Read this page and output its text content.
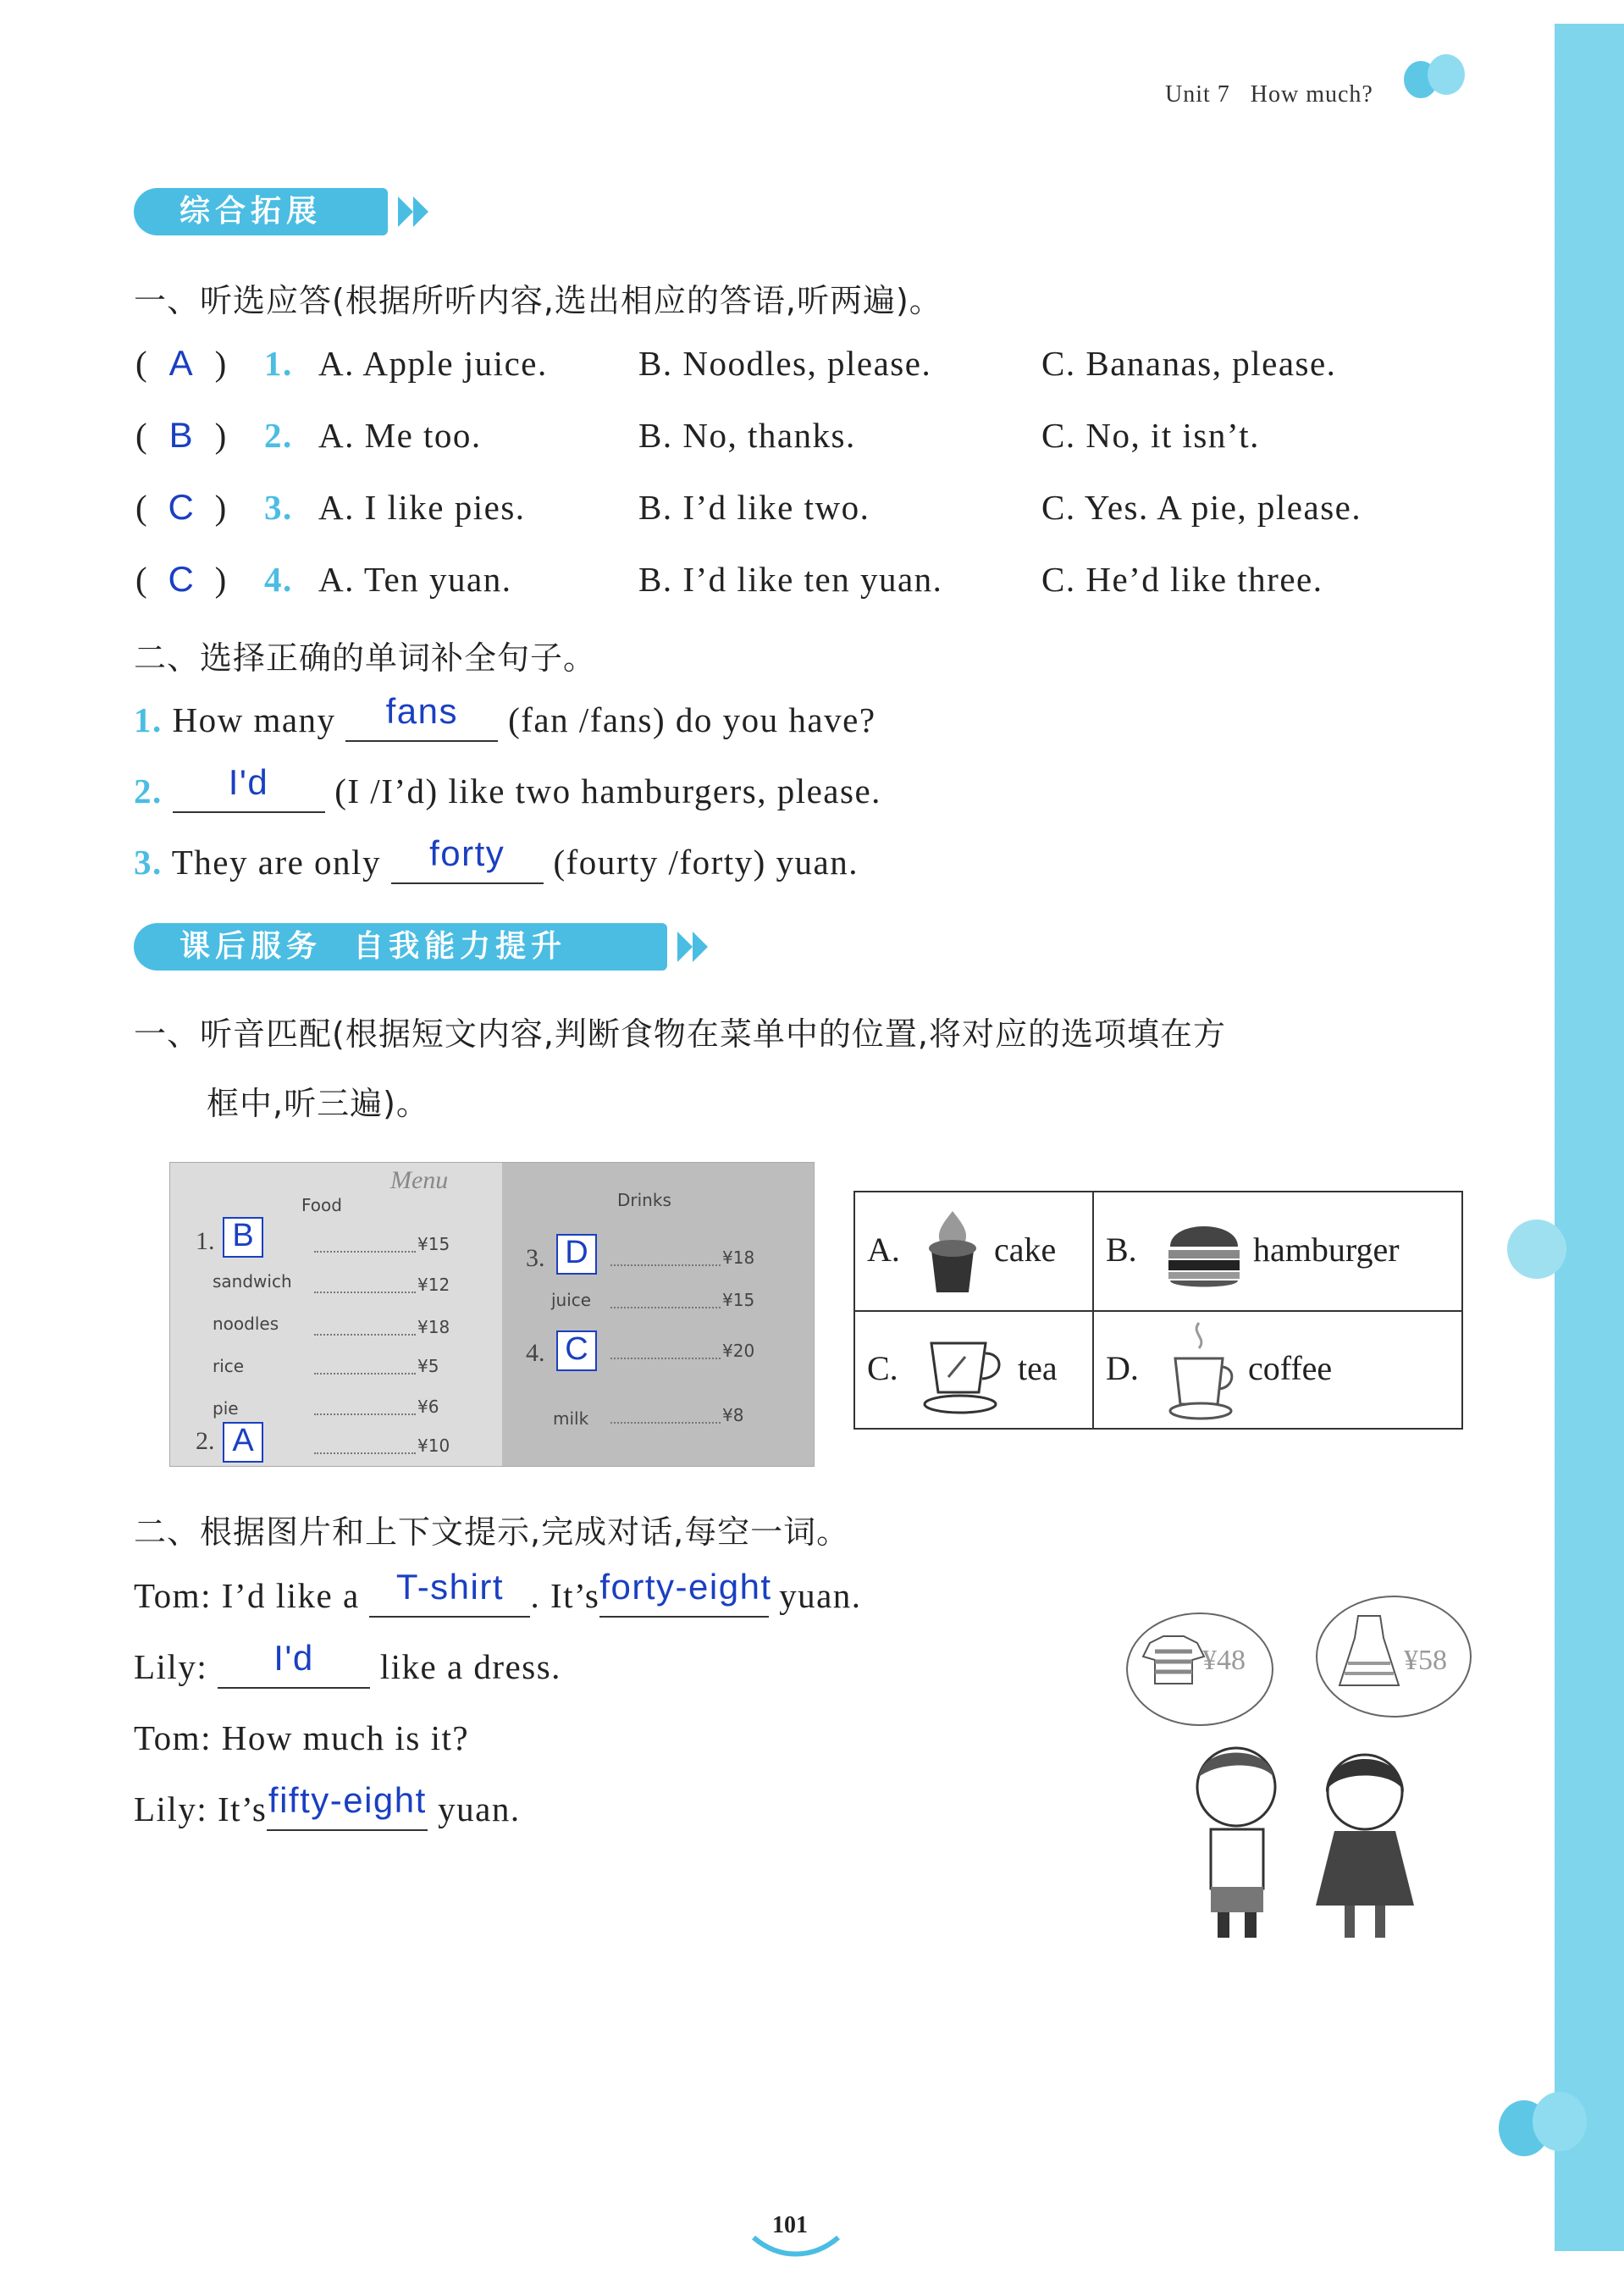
Unit 7 How much?
综合拓展
一、听选应答(根据所听内容,选出相应的答语,听两遍)。
( A ) 1. A. Apple juice.	B. Noodles, please.	C. Bananas, please.
( B ) 2. A. Me too.	B. No, thanks.	C. No, it isn’t.
( C ) 3. A. I like pies.	B. I’d like two.	C. Yes. A pie, please.
( C ) 4. A. Ten yuan.	B. I’d like ten yuan.	C. He’d like three.
二、选择正确的单词补全句子。
1. How many fans (fan /fans) do you have?
2. I'd (I /I’d) like two hamburgers, please.
3. They are only forty (fourty /forty) yuan.
课后服务  自我能力提升
一、听音匹配(根据短文内容,判断食物在菜单中的位置,将对应的选项填在方
框中,听三遍)。
Menu
Food	Drinks
1. B	¥15
sandwich	¥12
noodles	¥18
rice	¥5
pie	¥6
2. A	¥10
3. D	¥18
juice	¥15
4. C	¥20
milk	¥8
A.	cake B.	hamburger
C.	tea D.	coffee
二、根据图片和上下文提示,完成对话,每空一词。
Tom: I’d like a T-shirt . It’sforty-eight yuan.
Lily: I'd like a dress.
Tom: How much is it?
Lily: It’sfifty-eight yuan.
¥48	¥58
101
